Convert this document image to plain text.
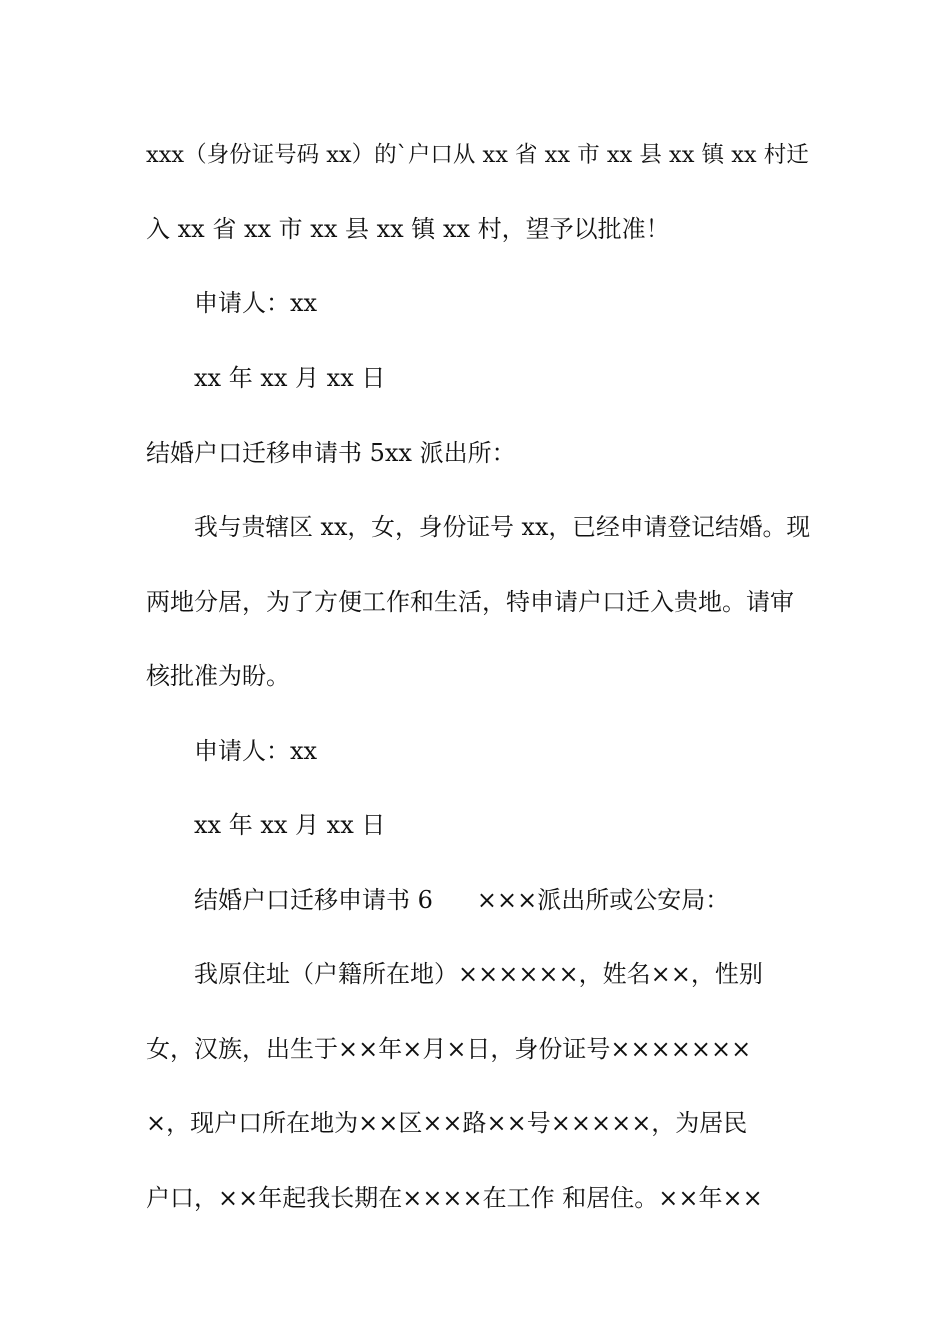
xxx（身份证号码 xx）的`户口从 xx 省 xx 市 xx 县 xx 镇 xx 村迁
入 xx 省 xx 市 xx 县 xx 镇 xx 村，望予以批准！
申请人：xx
xx 年 xx 月 xx 日
结婚户口迁移申请书 5xx 派出所：
我与贵辖区 xx，女，身份证号 xx，已经申请登记结婚。现
两地分居，为了方便工作和生活，特申请户口迁入贵地。请审
核批准为盼。
申请人：xx
xx 年 xx 月 xx 日
结婚户口迁移申请书 6 ×××派出所或公安局：
我原住址（户籍所在地）××××××，姓名××，性别
女，汉族，出生于××年×月×日，身份证号×××××××
×，现户口所在地为××区××路××号×××××，为居民
户口，××年起我长期在××××在工作 和居住。××年××
